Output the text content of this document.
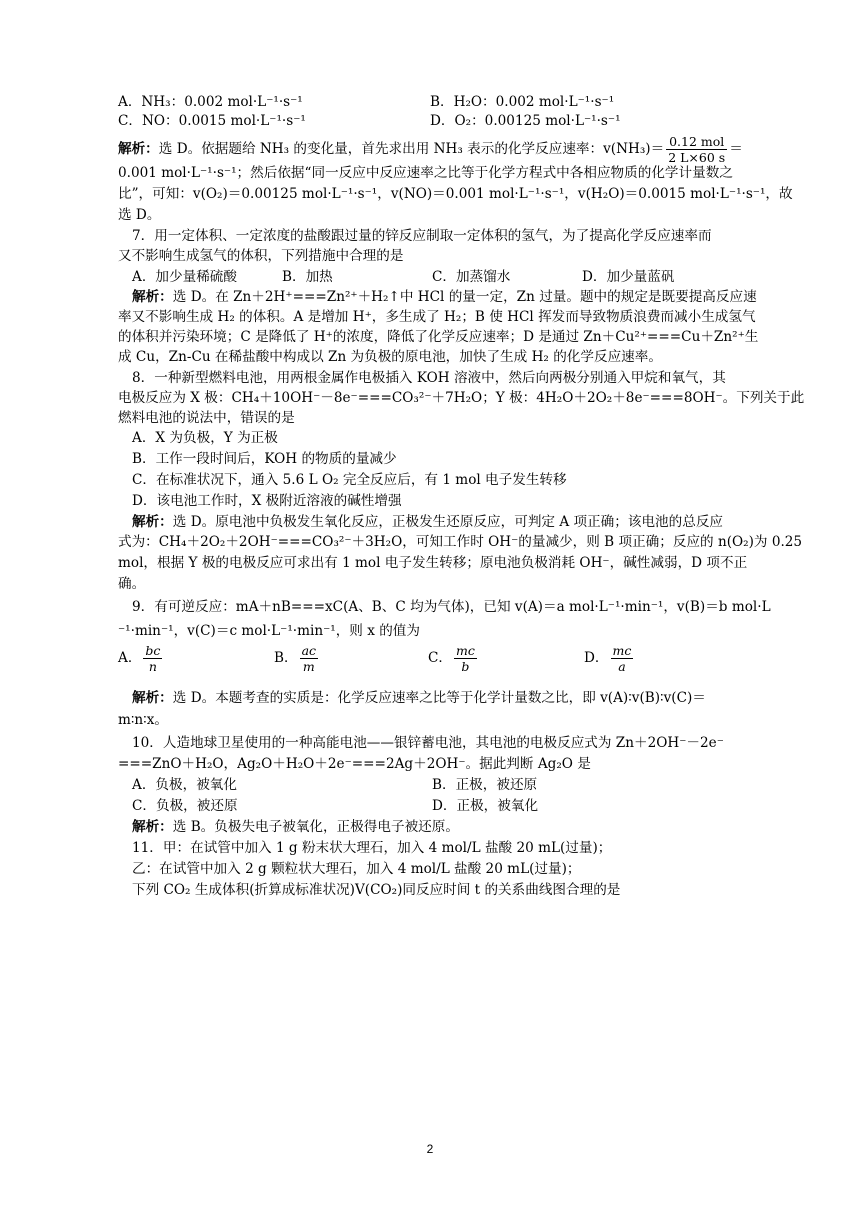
A．NH₃：0.002 mol·L⁻¹·s⁻¹	B．H₂O：0.002 mol·L⁻¹·s⁻¹
C．NO：0.0015 mol·L⁻¹·s⁻¹	D．O₂：0.00125 mol·L⁻¹·s⁻¹
解析：选 D。依据题给 NH₃ 的变化量，首先求出用 NH₃ 表示的化学反应速率：$v(NH_3)= \frac{\text{0.12 mol}}{2 L\times 60 s}$ ＝
0.001 mol·L⁻¹·s⁻¹；然后依据“同一反应中反应速率之比等于化学方程式中各相应物质的化学计量数之
比”，可知：v(O₂)＝0.00125 mol·L⁻¹·s⁻¹，v(NO)＝0.001 mol·L⁻¹·s⁻¹，v(H₂O)＝0.0015 mol·L⁻¹·s⁻¹，故
选 D。
7．用一定体积、一定浓度的盐酸跟过量的锌反应制取一定体积的氢气，为了提高化学反应速率而
又不影响生成氢气的体积，下列措施中合理的是
A．加少量稀硫酸	B．加热	C．加蒸馏水	D．加少量蓝矾
解析：选 D。在 Zn＋2H⁺===Zn²⁺＋H₂↑中 HCl 的量一定，Zn 过量。题中的规定是既要提高反应速
率又不影响生成 H₂ 的体积。A 是增加 H⁺，多生成了 H₂；B 使 HCl 挥发而导致物质浪费而减小生成氢气
的体积并污染环境；C 是降低了 H⁺的浓度，降低了化学反应速率；D 是通过 Zn＋Cu²⁺===Cu＋Zn²⁺生
成 Cu，Zn-Cu 在稀盐酸中构成以 Zn 为负极的原电池，加快了生成 H₂ 的化学反应速率。
8．一种新型燃料电池，用两根金属作电极插入 KOH 溶液中，然后向两极分别通入甲烷和氧气，其
电极反应为 X 极：CH₄＋10OH⁻－8e⁻===CO₃²⁻＋7H₂O；Y 极：4H₂O＋2O₂＋8e⁻===8OH⁻。下列关于此
燃料电池的说法中，错误的是
A．X 为负极，Y 为正极
B．工作一段时间后，KOH 的物质的量减少
C．在标准状况下，通入 5.6 L O₂ 完全反应后，有 1 mol 电子发生转移
D．该电池工作时，X 极附近溶液的碱性增强
解析：选 D。原电池中负极发生氧化反应，正极发生还原反应，可判定 A 项正确；该电池的总反应
式为：CH₄＋2O₂＋2OH⁻===CO₃²⁻＋3H₂O，可知工作时 OH⁻的量减少，则 B 项正确；反应的 n(O₂)为 0.25
mol，根据 Y 极的电极反应可求出有 1 mol 电子发生转移；原电池负极消耗 OH⁻，碱性减弱，D 项不正
确。
9．有可逆反应：mA＋nB===xC(A、B、C 均为气体)，已知 v(A)＝a mol·L⁻¹·min⁻¹，v(B)＝b mol·L
⁻¹·min⁻¹，v(C)＝c mol·L⁻¹·min⁻¹，则 x 的值为
A． $\frac{bc}{n}$	B． $\frac{ac}{m}$	C． $\frac{mc}{b}$	D． $\frac{mc}{a}$
解析：选 D。本题考查的实质是：化学反应速率之比等于化学计量数之比，即 v(A)∶v(B)∶v(C)＝
m∶n∶x。
10．人造地球卫星使用的一种高能电池——银锌蓄电池，其电池的电极反应式为 Zn＋2OH⁻－2e⁻
===ZnO＋H₂O，Ag₂O＋H₂O＋2e⁻===2Ag＋2OH⁻。据此判断 Ag₂O 是
A．负极，被氧化	B．正极，被还原
C．负极，被还原	D．正极，被氧化
解析：选 B。负极失电子被氧化，正极得电子被还原。
11．甲：在试管中加入 1 g 粉末状大理石，加入 4 mol/L 盐酸 20 mL(过量)；
乙：在试管中加入 2 g 颗粒状大理石，加入 4 mol/L 盐酸 20 mL(过量)；
下列 CO₂ 生成体积(折算成标准状况)V(CO₂)同反应时间 t 的关系曲线图合理的是
2
